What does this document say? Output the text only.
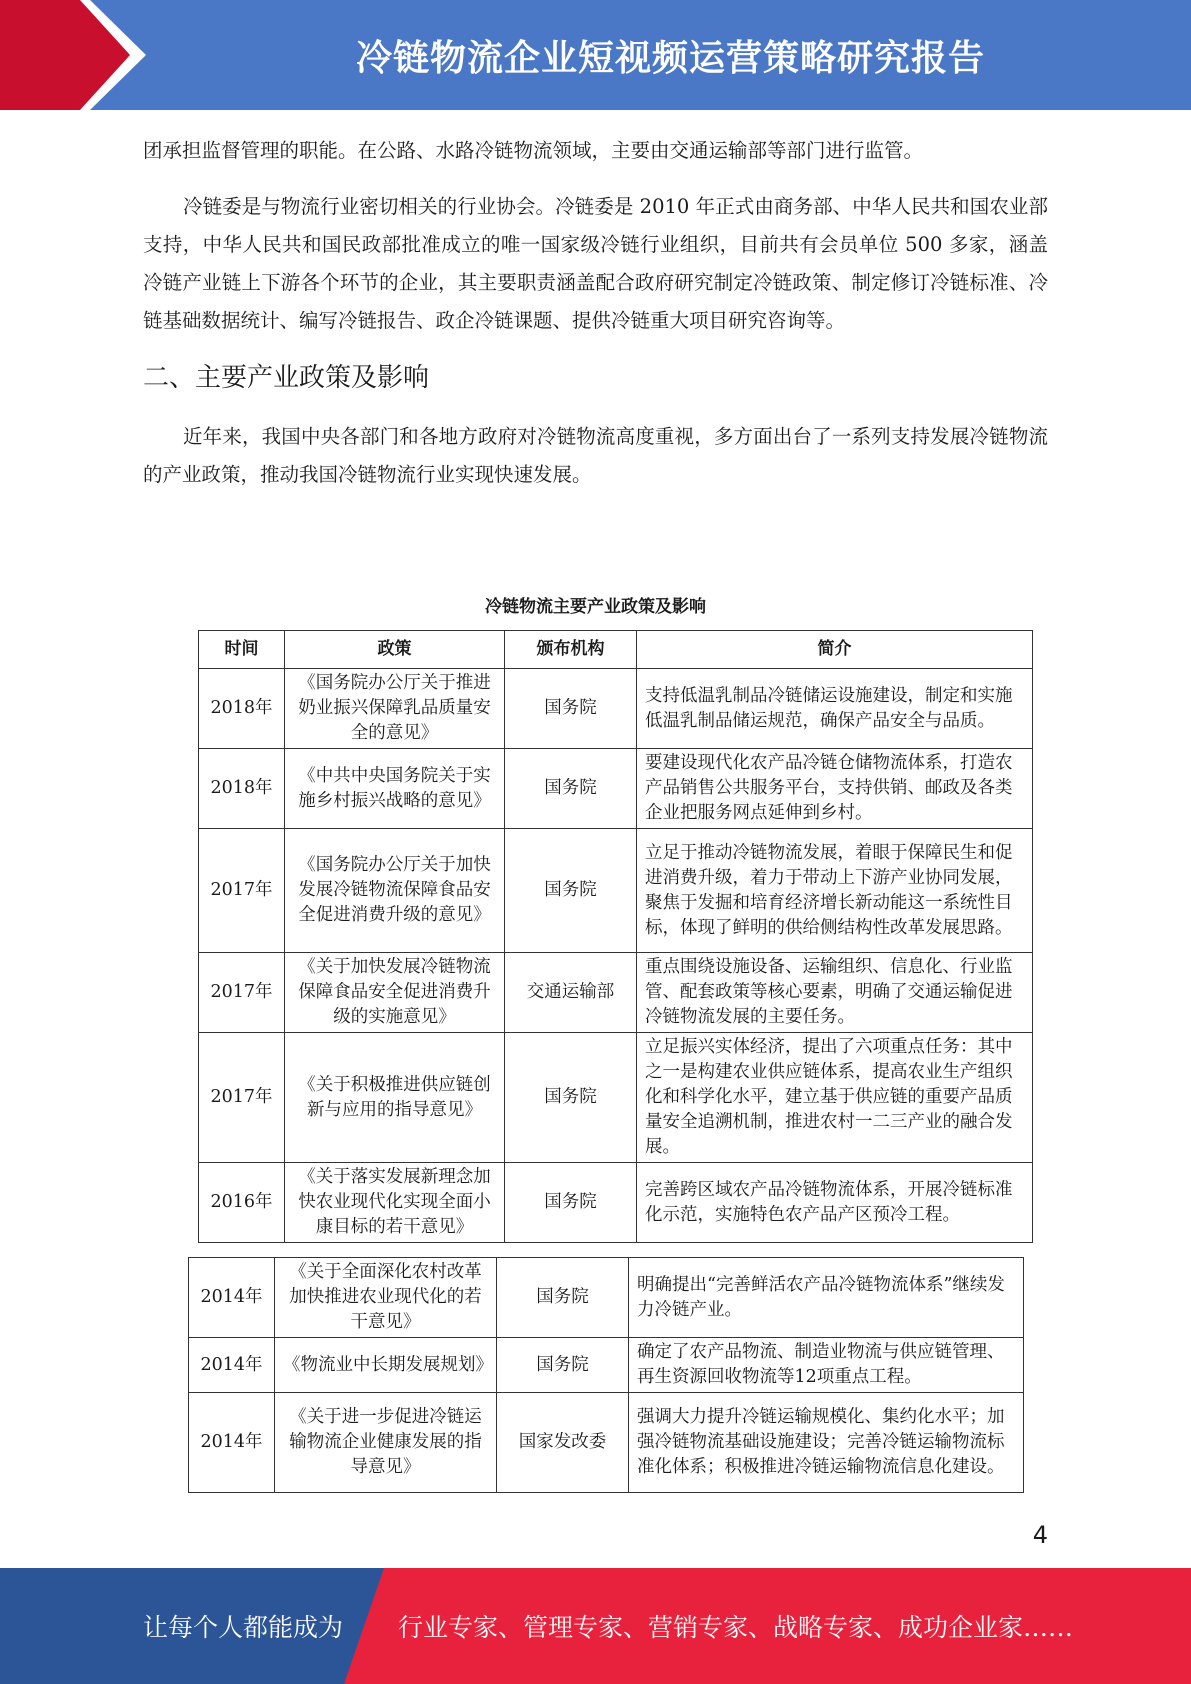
冷链物流企业短视频运营策略研究报告

团承担监督管理的职能。在公路、水路冷链物流领域，主要由交通运输部等部门进行监管。

冷链委是与物流行业密切相关的行业协会。冷链委是 2010 年正式由商务部、中华人民共和国农业部支持，中华人民共和国民政部批准成立的唯一国家级冷链行业组织，目前共有会员单位 500 多家，涵盖冷链产业链上下游各个环节的企业，其主要职责涵盖配合政府研究制定冷链政策、制定修订冷链标准、冷链基础数据统计、编写冷链报告、政企冷链课题、提供冷链重大项目研究咨询等。

二、主要产业政策及影响

近年来，我国中央各部门和各地方政府对冷链物流高度重视，多方面出台了一系列支持发展冷链物流的产业政策，推动我国冷链物流行业实现快速发展。

冷链物流主要产业政策及影响
时间	政策	颁布机构	简介
2018年	《国务院办公厅关于推进奶业振兴保障乳品质量安全的意见》	国务院	支持低温乳制品冷链储运设施建设，制定和实施低温乳制品储运规范，确保产品安全与品质。
2018年	《中共中央国务院关于实施乡村振兴战略的意见》	国务院	要建设现代化农产品冷链仓储物流体系，打造农产品销售公共服务平台，支持供销、邮政及各类企业把服务网点延伸到乡村。
2017年	《国务院办公厅关于加快发展冷链物流保障食品安全促进消费升级的意见》	国务院	立足于推动冷链物流发展，着眼于保障民生和促进消费升级，着力于带动上下游产业协同发展，聚焦于发掘和培育经济增长新动能这一系统性目标，体现了鲜明的供给侧结构性改革发展思路。
2017年	《关于加快发展冷链物流保障食品安全促进消费升级的实施意见》	交通运输部	重点围绕设施设备、运输组织、信息化、行业监管、配套政策等核心要素，明确了交通运输促进冷链物流发展的主要任务。
2017年	《关于积极推进供应链创新与应用的指导意见》	国务院	立足振兴实体经济，提出了六项重点任务：其中之一是构建农业供应链体系，提高农业生产组织化和科学化水平，建立基于供应链的重要产品质量安全追溯机制，推进农村一二三产业的融合发展。
2016年	《关于落实发展新理念加快农业现代化实现全面小康目标的若干意见》	国务院	完善跨区域农产品冷链物流体系，开展冷链标准化示范，实施特色农产品产区预冷工程。
2014年	《关于全面深化农村改革加快推进农业现代化的若干意见》	国务院	明确提出“完善鲜活农产品冷链物流体系”继续发力冷链产业。
2014年	《物流业中长期发展规划》	国务院	确定了农产品物流、制造业物流与供应链管理、再生资源回收物流等12项重点工程。
2014年	《关于进一步促进冷链运输物流企业健康发展的指导意见》	国家发改委	强调大力提升冷链运输规模化、集约化水平；加强冷链物流基础设施建设；完善冷链运输物流标准化体系；积极推进冷链运输物流信息化建设。
4
让每个人都能成为 行业专家、管理专家、营销专家、战略专家、成功企业家……
